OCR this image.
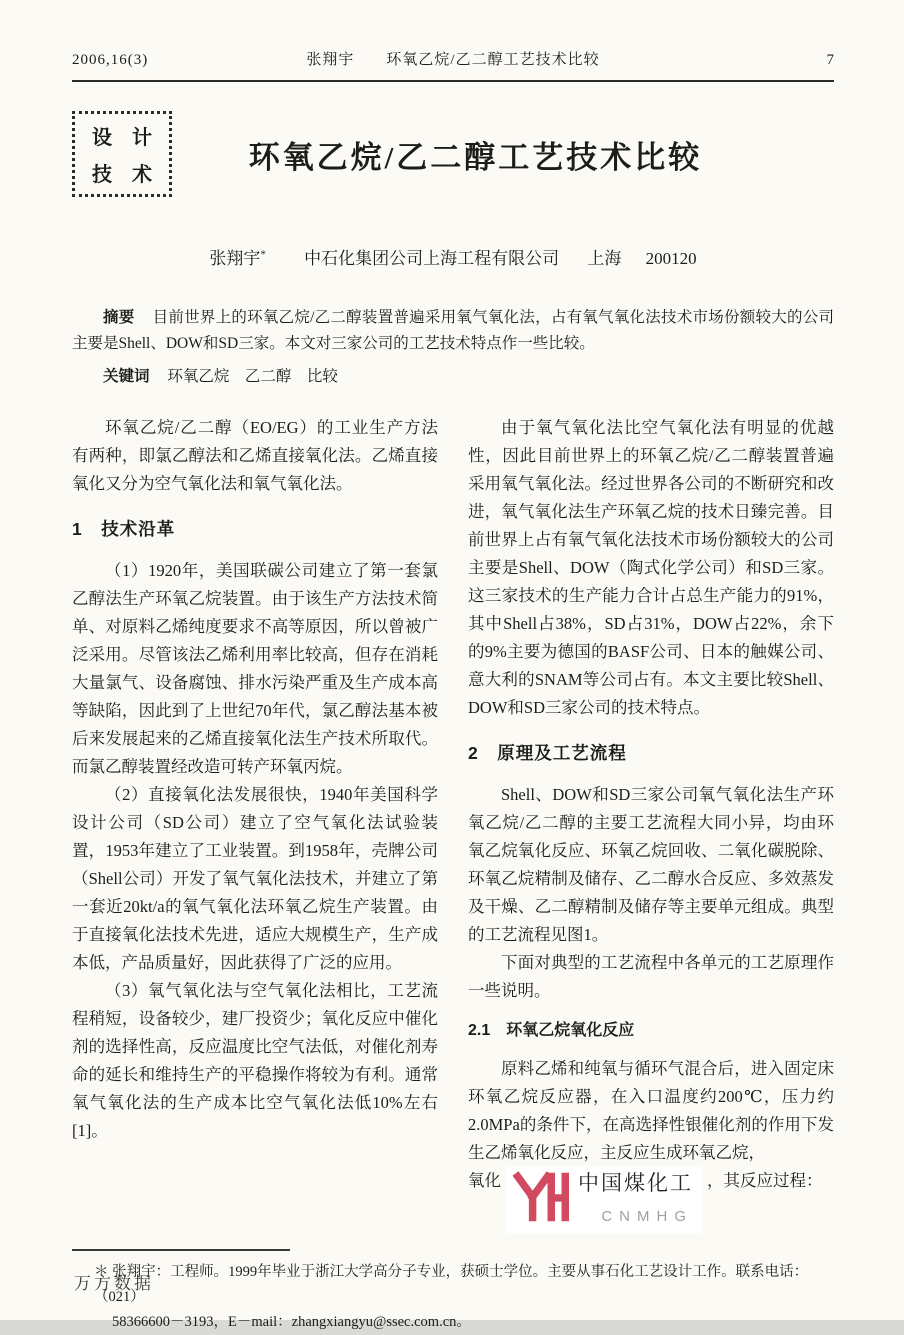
2006,16(3)	张翔宇　　环氧乙烷/乙二醇工艺技术比较	7
设　计
技　术
环氧乙烷/乙二醇工艺技术比较
张翔宇* 中石化集团公司上海工程有限公司 上海 200120
摘要 目前世界上的环氧乙烷/乙二醇装置普遍采用氧气氧化法，占有氧气氧化法技术市场份额较大的公司主要是Shell、DOW和SD三家。本文对三家公司的工艺技术特点作一些比较。
关键词 环氧乙烷　乙二醇　比较

环氧乙烷/乙二醇（EO/EG）的工业生产方法有两种，即氯乙醇法和乙烯直接氧化法。乙烯直接氧化又分为空气氧化法和氧气氧化法。

1　技术沿革

（1）1920年，美国联碳公司建立了第一套氯乙醇法生产环氧乙烷装置。由于该生产方法技术简单、对原料乙烯纯度要求不高等原因，所以曾被广泛采用。尽管该法乙烯利用率比较高，但存在消耗大量氯气、设备腐蚀、排水污染严重及生产成本高等缺陷，因此到了上世纪70年代，氯乙醇法基本被后来发展起来的乙烯直接氧化法生产技术所取代。而氯乙醇装置经改造可转产环氧丙烷。

（2）直接氧化法发展很快，1940年美国科学设计公司（SD公司）建立了空气氧化法试验装置，1953年建立了工业装置。到1958年，壳牌公司（Shell公司）开发了氧气氧化法技术，并建立了第一套近20kt/a的氧气氧化法环氧乙烷生产装置。由于直接氧化法技术先进，适应大规模生产，生产成本低，产品质量好，因此获得了广泛的应用。

（3）氧气氧化法与空气氧化法相比，工艺流程稍短，设备较少，建厂投资少；氧化反应中催化剂的选择性高，反应温度比空气法低，对催化剂寿命的延长和维持生产的平稳操作将较为有利。通常氧气氧化法的生产成本比空气氧化法低10%左右[1]。

由于氧气氧化法比空气氧化法有明显的优越性，因此目前世界上的环氧乙烷/乙二醇装置普遍采用氧气氧化法。经过世界各公司的不断研究和改进，氧气氧化法生产环氧乙烷的技术日臻完善。目前世界上占有氧气氧化法技术市场份额较大的公司主要是Shell、DOW（陶式化学公司）和SD三家。这三家技术的生产能力合计占总生产能力的91%，其中Shell占38%，SD占31%，DOW占22%，余下的9%主要为德国的BASF公司、日本的触媒公司、意大利的SNAM等公司占有。本文主要比较Shell、DOW和SD三家公司的技术特点。

2　原理及工艺流程

Shell、DOW和SD三家公司氧气氧化法生产环氧乙烷/乙二醇的主要工艺流程大同小异，均由环氧乙烷氧化反应、环氧乙烷回收、二氧化碳脱除、环氧乙烷精制及储存、乙二醇水合反应、多效蒸发及干燥、乙二醇精制及储存等主要单元组成。典型的工艺流程见图1。

下面对典型的工艺流程中各单元的工艺原理作一些说明。

2.1　环氧乙烷氧化反应

原料乙烯和纯氧与循环气混合后，进入固定床环氧乙烷反应器，在入口温度约200℃，压力约2.0MPa的条件下，在高选择性银催化剂的作用下发生乙烯氧化反应，主反应生成环氧乙烷，

氧化	中国煤化工
CNMHG
，其反应过程：
＊ 张翔宇：工程师。1999年毕业于浙江大学高分子专业，获硕士学位。主要从事石化工艺设计工作。联系电话： （021）
58366600－3193，E－mail：zhangxiangyu@ssec.com.cn。
万方数据
